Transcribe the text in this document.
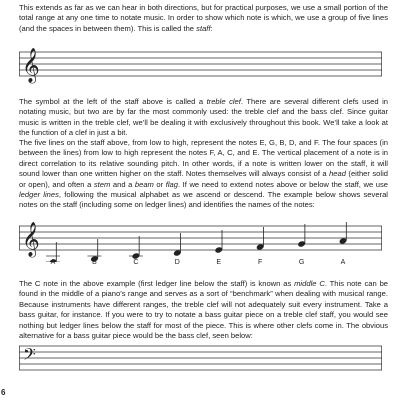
This extends as far as we can hear in both directions, but for practical purposes, we use a small portion of the total range at any one time to notate music. In order to show which note is which, we use a group of five lines (and the spaces in between them). This is called the staff:

𝄞

The symbol at the left of the staff above is called a treble clef. There are several different clefs used in notating music, but two are by far the most commonly used: the treble clef and the bass clef. Since guitar music is written in the treble clef, we’ll be dealing it with exclusively throughout this book. We’ll take a look at the function of a clef in just a bit.

The five lines on the staff above, from low to high, represent the notes E, G, B, D, and F. The four spaces (in between the lines) from low to high represent the notes F, A, C, and E. The vertical placement of a note is in direct correlation to its relative sounding pitch. In other words, if a note is written lower on the staff, it will sound lower than one written higher on the staff. Notes themselves will always consist of a head (either solid or open), and often a stem and a beam or flag. If we need to extend notes above or below the staff, we use ledger lines, following the musical alphabet as we ascend or descend. The example below shows several notes on the staff (including some on ledger lines) and identifies the names of the notes:

𝄞
A	B	C	D	E	F	G	A

The C note in the above example (first ledger line below the staff) is known as middle C. This note can be found in the middle of a piano’s range and serves as a sort of “benchmark” when dealing with musical range. Because instruments have different ranges, the treble clef will not adequately suit every instrument. Take a bass guitar, for instance. If you were to try to notate a bass guitar piece on a treble clef staff, you would see nothing but ledger lines below the staff for most of the piece. This is where other clefs come in. The obvious alternative for a bass guitar piece would be the bass clef, seen below:

𝄢
6
